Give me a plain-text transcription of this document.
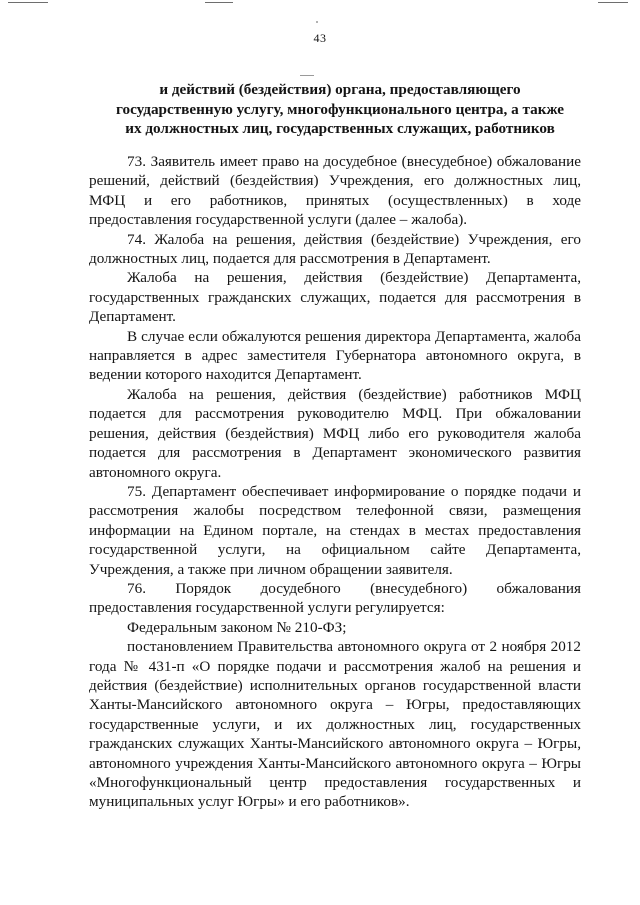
43
и действий (бездействия) органа, предоставляющего
государственную услугу, многофункционального центра, а также
их должностных лиц, государственных служащих, работников

73. Заявитель имеет право на досудебное (внесудебное) обжалование
решений, действий (бездействия) Учреждения, его должностных лиц,
МФЦ и его работников, принятых (осуществленных) в ходе
предоставления государственной услуги (далее – жалоба).

74. Жалоба на решения, действия (бездействие) Учреждения, его
должностных лиц, подается для рассмотрения в Департамент.

Жалоба на решения, действия (бездействие) Департамента,
государственных гражданских служащих, подается для рассмотрения в
Департамент.

В случае если обжалуются решения директора Департамента, жалоба
направляется в адрес заместителя Губернатора автономного округа, в
ведении которого находится Департамент.

Жалоба на решения, действия (бездействие) работников МФЦ
подается для рассмотрения руководителю МФЦ. При обжаловании
решения, действия (бездействия) МФЦ либо его руководителя жалоба
подается для рассмотрения в Департамент экономического развития
автономного округа.

75. Департамент обеспечивает информирование о порядке подачи и
рассмотрения жалобы посредством телефонной связи, размещения
информации на Едином портале, на стендах в местах предоставления
государственной услуги, на официальном сайте Департамента,
Учреждения, а также при личном обращении заявителя.

76. Порядок досудебного (внесудебного) обжалования
предоставления государственной услуги регулируется:

Федеральным законом № 210-ФЗ;

постановлением Правительства автономного округа от 2 ноября 2012
года № 431-п «О порядке подачи и рассмотрения жалоб на решения и
действия (бездействие) исполнительных органов государственной власти
Ханты-Мансийского автономного округа – Югры, предоставляющих
государственные услуги, и их должностных лиц, государственных
гражданских служащих Ханты-Мансийского автономного округа – Югры,
автономного учреждения Ханты-Мансийского автономного округа – Югры
«Многофункциональный центр предоставления государственных и
муниципальных услуг Югры» и его работников».
